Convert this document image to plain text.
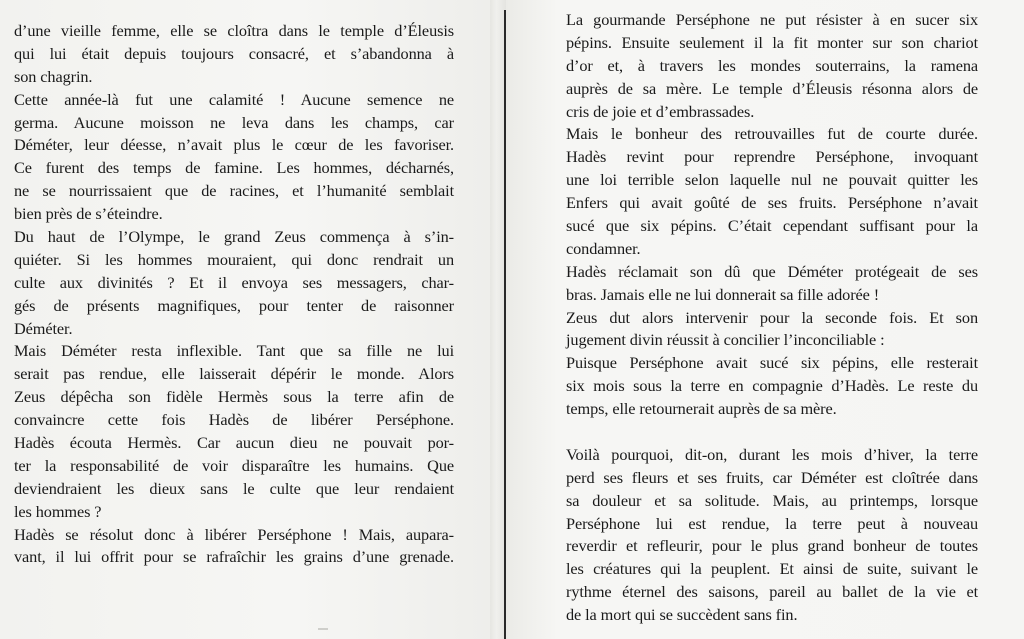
d’une vieille femme, elle se cloîtra dans le temple d’Éleusis
qui lui était depuis toujours consacré, et s’abandonna à
son chagrin.
Cette année-là fut une calamité ! Aucune semence ne
germa. Aucune moisson ne leva dans les champs, car
Déméter, leur déesse, n’avait plus le cœur de les favoriser.
Ce furent des temps de famine. Les hommes, décharnés,
ne se nourrissaient que de racines, et l’humanité semblait
bien près de s’éteindre.
Du haut de l’Olympe, le grand Zeus commença à s’in-
quiéter. Si les hommes mouraient, qui donc rendrait un
culte aux divinités ? Et il envoya ses messagers, char-
gés de présents magnifiques, pour tenter de raisonner
Déméter.
Mais Déméter resta inflexible. Tant que sa fille ne lui
serait pas rendue, elle laisserait dépérir le monde. Alors
Zeus dépêcha son fidèle Hermès sous la terre afin de
convaincre cette fois Hadès de libérer Perséphone.
Hadès écouta Hermès. Car aucun dieu ne pouvait por-
ter la responsabilité de voir disparaître les humains. Que
deviendraient les dieux sans le culte que leur rendaient
les hommes ?
Hadès se résolut donc à libérer Perséphone ! Mais, aupara-
vant, il lui offrit pour se rafraîchir les grains d’une grenade.
La gourmande Perséphone ne put résister à en sucer six
pépins. Ensuite seulement il la fit monter sur son chariot
d’or et, à travers les mondes souterrains, la ramena
auprès de sa mère. Le temple d’Éleusis résonna alors de
cris de joie et d’embrassades.
Mais le bonheur des retrouvailles fut de courte durée.
Hadès revint pour reprendre Perséphone, invoquant
une loi terrible selon laquelle nul ne pouvait quitter les
Enfers qui avait goûté de ses fruits. Perséphone n’avait
sucé que six pépins. C’était cependant suffisant pour la
condamner.
Hadès réclamait son dû que Déméter protégeait de ses
bras. Jamais elle ne lui donnerait sa fille adorée !
Zeus dut alors intervenir pour la seconde fois. Et son
jugement divin réussit à concilier l’inconciliable :
Puisque Perséphone avait sucé six pépins, elle resterait
six mois sous la terre en compagnie d’Hadès. Le reste du
temps, elle retournerait auprès de sa mère.
Voilà pourquoi, dit-on, durant les mois d’hiver, la terre
perd ses fleurs et ses fruits, car Déméter est cloîtrée dans
sa douleur et sa solitude. Mais, au printemps, lorsque
Perséphone lui est rendue, la terre peut à nouveau
reverdir et refleurir, pour le plus grand bonheur de toutes
les créatures qui la peuplent. Et ainsi de suite, suivant le
rythme éternel des saisons, pareil au ballet de la vie et
de la mort qui se succèdent sans fin.
